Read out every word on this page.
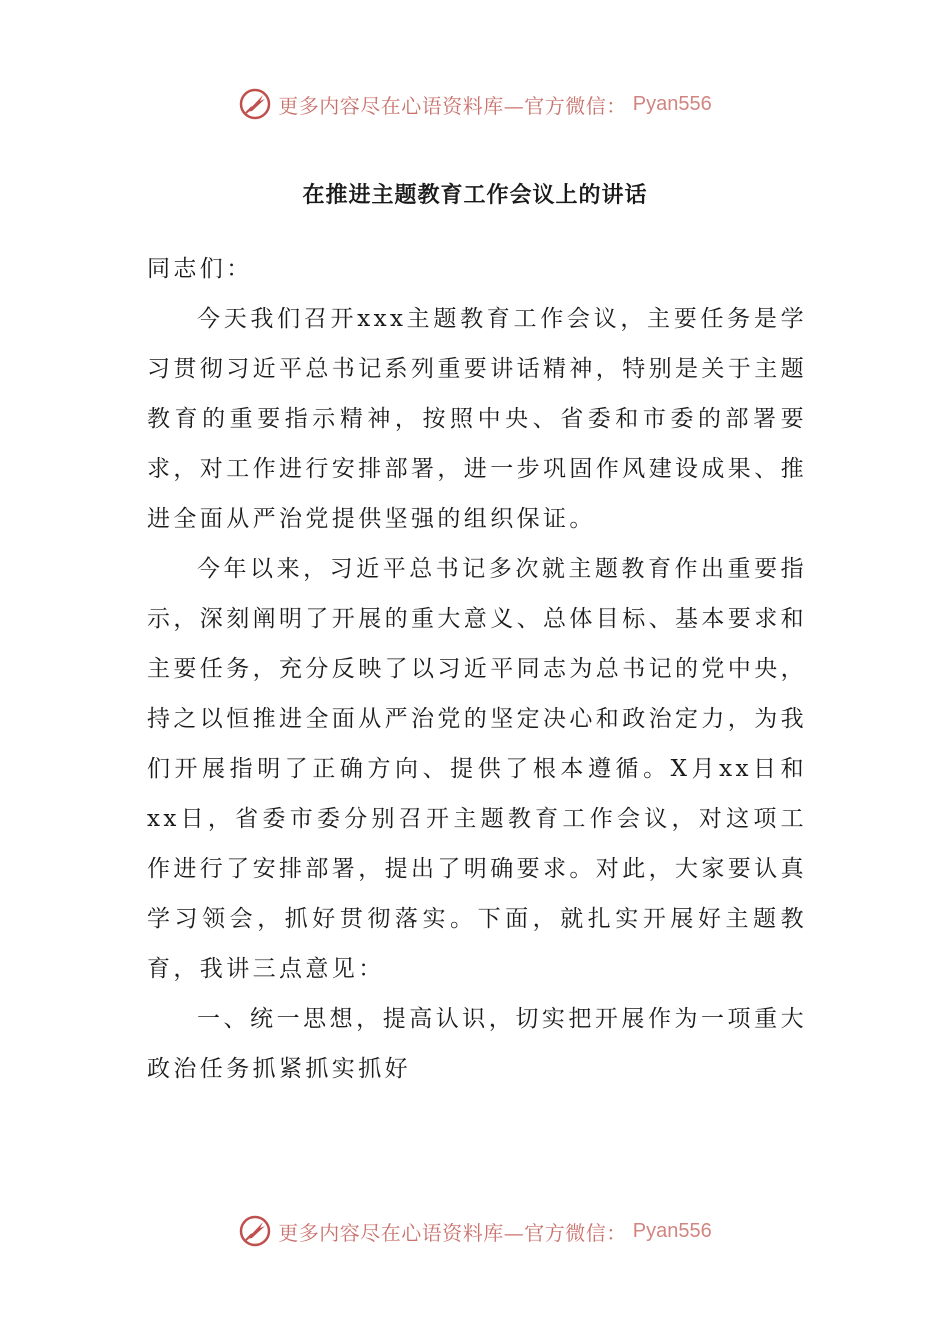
更多内容尽在心语资料库—官方微信： Pyan556
在推进主题教育工作会议上的讲话

同志们：

今天我们召开xxx主题教育工作会议，主要任务是学习贯彻习近平总书记系列重要讲话精神，特别是关于主题教育的重要指示精神，按照中央、省委和市委的部署要求，对工作进行安排部署，进一步巩固作风建设成果、推进全面从严治党提供坚强的组织保证。

今年以来，习近平总书记多次就主题教育作出重要指示，深刻阐明了开展的重大意义、总体目标、基本要求和主要任务，充分反映了以习近平同志为总书记的党中央，持之以恒推进全面从严治党的坚定决心和政治定力，为我们开展指明了正确方向、提供了根本遵循。X月xx日和xx日，省委市委分别召开主题教育工作会议，对这项工作进行了安排部署，提出了明确要求。对此，大家要认真学习领会，抓好贯彻落实。下面，就扎实开展好主题教育，我讲三点意见：

一、统一思想，提高认识，切实把开展作为一项重大政治任务抓紧抓实抓好

更多内容尽在心语资料库—官方微信： Pyan556
